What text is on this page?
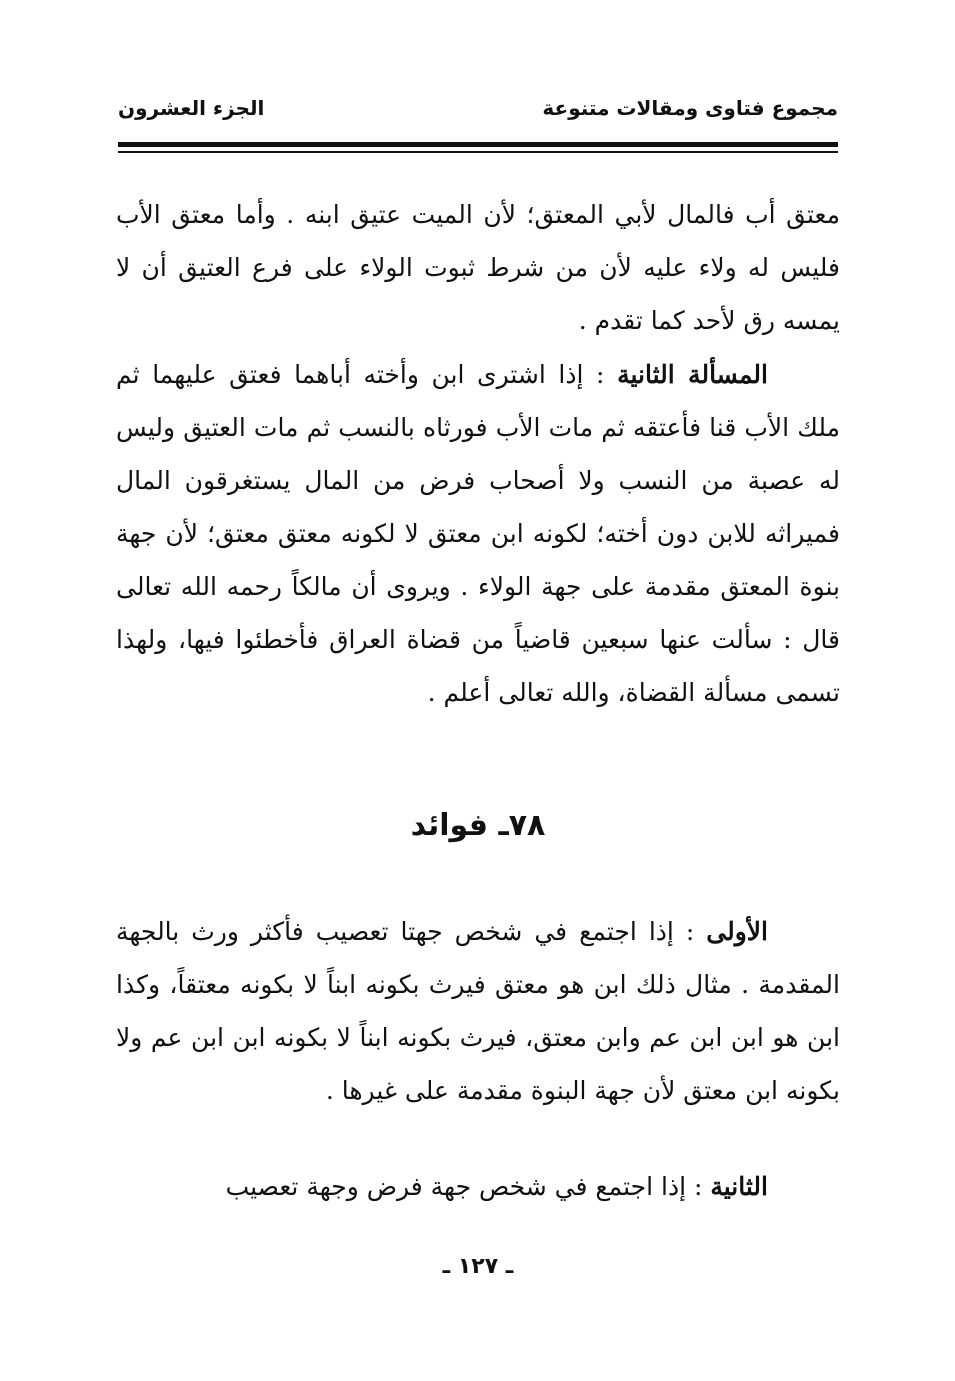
مجموع فتاوى ومقالات متنوعة
الجزء العشرون

معتق أب فالمال لأبي المعتق؛ لأن الميت عتيق ابنه . وأما معتق الأب فليس له ولاء عليه لأن من شرط ثبوت الولاء على فرع العتيق أن لا يمسه رق لأحد كما تقدم .

المسألة الثانية : إذا اشترى ابن وأخته أباهما فعتق عليهما ثم ملك الأب قنا فأعتقه ثم مات الأب فورثاه بالنسب ثم مات العتيق وليس له عصبة من النسب ولا أصحاب فرض من المال يستغرقون المال فميراثه للابن دون أخته؛ لكونه ابن معتق لا لكونه معتق معتق؛ لأن جهة بنوة المعتق مقدمة على جهة الولاء . ويروى أن مالكاً رحمه الله تعالى قال : سألت عنها سبعين قاضياً من قضاة العراق فأخطئوا فيها، ولهذا تسمى مسألة القضاة، والله تعالى أعلم .

٧٨ـ فوائد

الأولى : إذا اجتمع في شخص جهتا تعصيب فأكثر ورث بالجهة المقدمة . مثال ذلك ابن هو معتق فيرث بكونه ابناً لا بكونه معتقاً، وكذا ابن هو ابن ابن عم وابن معتق، فيرث بكونه ابناً لا بكونه ابن ابن عم ولا بكونه ابن معتق لأن جهة البنوة مقدمة على غيرها .

الثانية : إذا اجتمع في شخص جهة فرض وجهة تعصيب

ـ ١٢٧ ـ
